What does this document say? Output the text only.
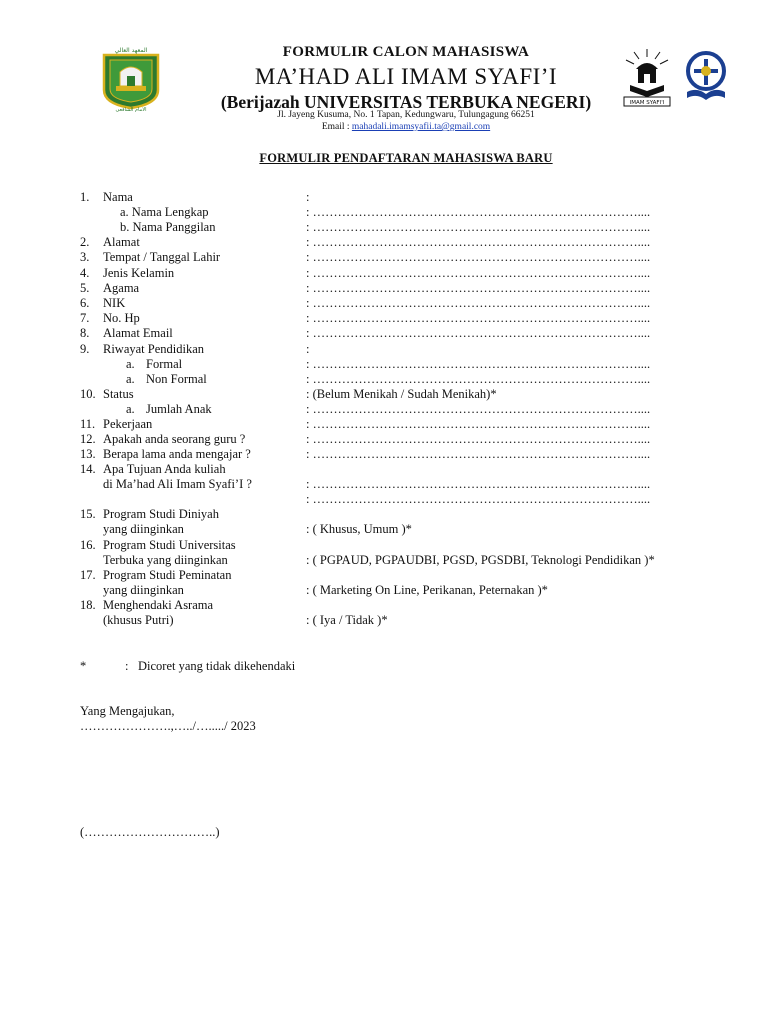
ﺍﻟﻤﻌﻬﺪ ﺍﻟﻌﺎﻟﻲ
ﺍﻻﻣﺎﻡ ﺍﻟﺸﺎﻓﻌﻲ
IMAM SYAFI'I
FORMULIR CALON MAHASISWA
MA’HAD ALI IMAM SYAFI’I
(Berijazah UNIVERSITAS TERBUKA NEGERI)
Jl. Jayeng Kusuma, No. 1 Tapan, Kedungwaru, Tulungagung 66251
Email : mahadali.imamsyafii.ta@gmail.com
FORMULIR PENDAFTARAN MAHASISWA BARU
1. Nama	:
a. Nama Lengkap	: ……………………………………………………………………....
b. Nama Panggilan	: ……………………………………………………………………....
2. Alamat	: ……………………………………………………………………....
3. Tempat / Tanggal Lahir	: ……………………………………………………………………....
4. Jenis Kelamin	: ……………………………………………………………………....
5. Agama	: ……………………………………………………………………....
6. NIK	: ……………………………………………………………………....
7. No. Hp	: ……………………………………………………………………....
8. Alamat Email	: ……………………………………………………………………....
9. Riwayat Pendidikan	:
a. Formal	: ……………………………………………………………………....
a. Non Formal	: ……………………………………………………………………....
10. Status	: (Belum Menikah / Sudah Menikah)*
a. Jumlah Anak	: ……………………………………………………………………....
11. Pekerjaan	: ……………………………………………………………………....
12. Apakah anda seorang guru ?	: ……………………………………………………………………....
13. Berapa lama anda mengajar ?	: ……………………………………………………………………....
14. Apa Tujuan Anda kuliah
di Ma’had Ali Imam Syafi’I ?	: ……………………………………………………………………....
: ……………………………………………………………………....
15. Program Studi Diniyah
yang diinginkan	: ( Khusus, Umum )*
16. Program Studi Universitas
Terbuka yang diinginkan	: ( PGPAUD, PGPAUDBI, PGSD, PGSDBI, Teknologi Pendidikan )*
17. Program Studi Peminatan
yang diinginkan	: ( Marketing On Line, Perikanan, Peternakan )*
18. Menghendaki Asrama
(khusus Putri)	: ( Iya / Tidak )*
*	: Dicoret yang tidak dikehendaki
Yang Mengajukan,
………………….,…../…...../ 2023
(…………………………..)
